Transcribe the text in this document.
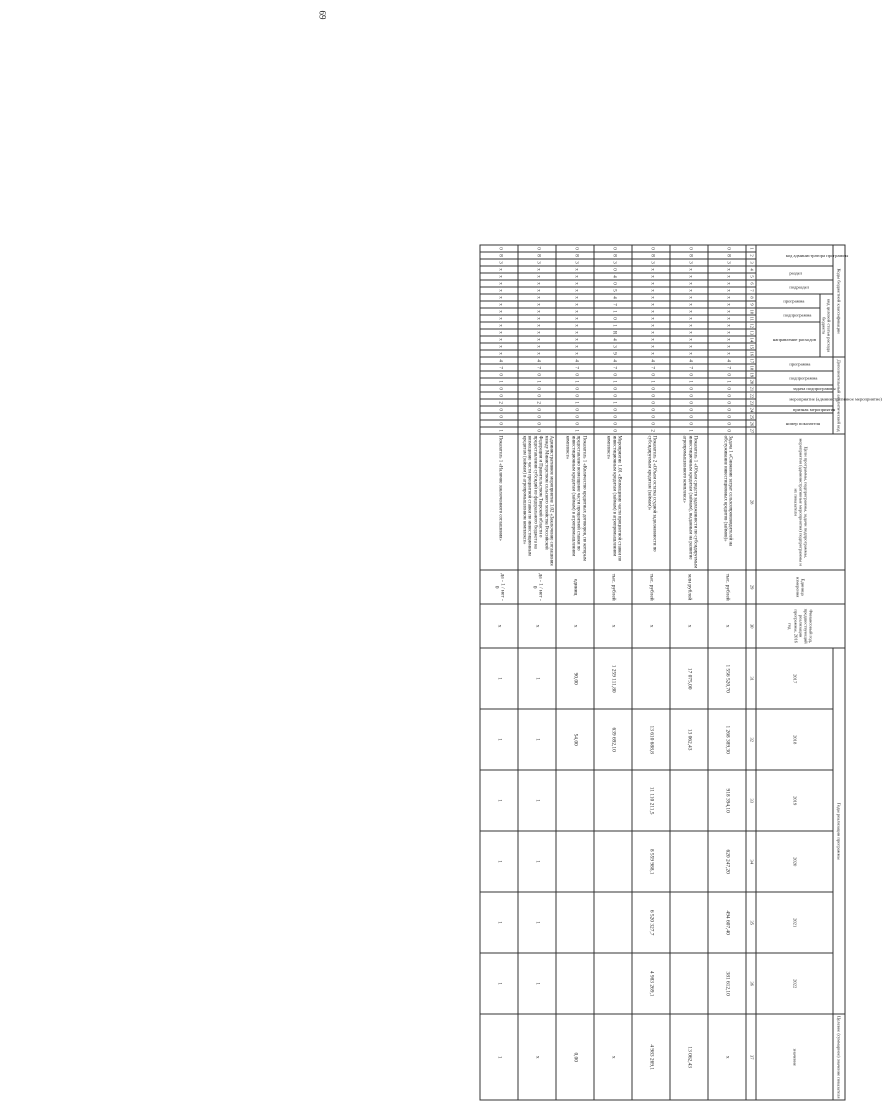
69
Коды бюджетной классификации																Дополнительный аналитический код											Цели программы, подпрограммы, задачи подпрограммы, мероприятия (административные мероприятия) подпрограммы и их показатели	Единица измерения	Финансовый год, предшествующий реализации программы, 2016 год	Годы реализации программы						Целевое (суммарное) значение показателя

код администратора программы			раздел		подраздел		код целевой статьи расхода бюджета									программа		подпрограмма		задача подпрограммы	мероприятие (административное мероприятие)		признак мероприятия	номер показателя						2017	2018	2019	2020	2021	2022	значение

							программа		подпрограмма		направление расходов																									

1	2	3	4	5	6	7	8	9	10	11	12	13	14	15	16	17	18	19	20	21	22	23	24	25	26	27	28	29	30	31	32	33	34	35	36	37
0	8	3	x	x	x	x	x	x	x	x	x	x	x	x	x	4	7	0	1	0	0	0	0	0	0	0	Задача 1 «Снижение затрат сельхозпроизводителей на обслуживание инвестиционных кредитов (займов)»	тыс. рублей	x	1 556 520,70	1 268 389,30	918 394,10	620 247,20	494 607,40	381 612,10	x
0	8	3	x	x	x	x	x	x	x	x	x	x	x	x	x	4	7	0	1	0	0	0	0	0	0	1	Показатель 1 «Объем средств задолженности по субсидируемым инвестиционным кредитам (займам), выданным на развитие агропромышленного комплекса»	млн рублей	x	17 075,00	13 062,43					13 062,43
0	8	3	x	x	x	x	x	x	x	x	x	x	x	x	x	4	7	0	1	0	0	0	0	0	0	2	Показатель 2 «Объем остатка ссудной задолженности по субсидируемым кредитам (займам)»	тыс. рублей	x		13 610 688,8	11 110 211,5	8 559 988,1	6 520 327,7	4 983 269,1	4 983 269,1
0	8	3	0	4	0	5	4	7	1	0	1	R	4	3	9	4	7	0	1	0	0	1	0	0	0	0	Мероприятие 1.01 «Возмещение части процентной ставки по инвестиционным кредитам (займам) в агропромышленном комплексе»	тыс. рублей	x	1 259 111,80	639 692,10					x
0	8	3	x	x	x	x	x	x	x	x	x	x	x	x	x	4	7	0	1	0	0	1	0	0	0	1	Показатель 1 «Количество кредитных договоров, по которым предоставлено возмещение части процентной ставки по инвестиционным кредитам (займам) в агропромышленном комплексе»	единиц	x	90,00	54,00					0,00
0	8	3	x	x	x	x	x	x	x	x	x	x	x	x	x	4	7	0	1	0	0	2	0	0	0	0	Административное мероприятие 1.02 «Заключение соглашения между Министерством сельского хозяйства Российской Федерации и Правительством Тверской области о предоставлении субсидий из федерального бюджета на возмещение части процентной ставки по инвестиционным кредитам (займам) в агропромышленном комплексе»	да - 1 / нет - 0	x	1	1	1	1	1	1	x
0	8	3	x	x	x	x	x	x	x	x	x	x	x	x	x	4	7	0	1	0	0	2	0	0	0	1	Показатель 1 «Наличие заключенного соглашения»	да - 1 / нет - 0	x	1	1	1	1	1	1	1
